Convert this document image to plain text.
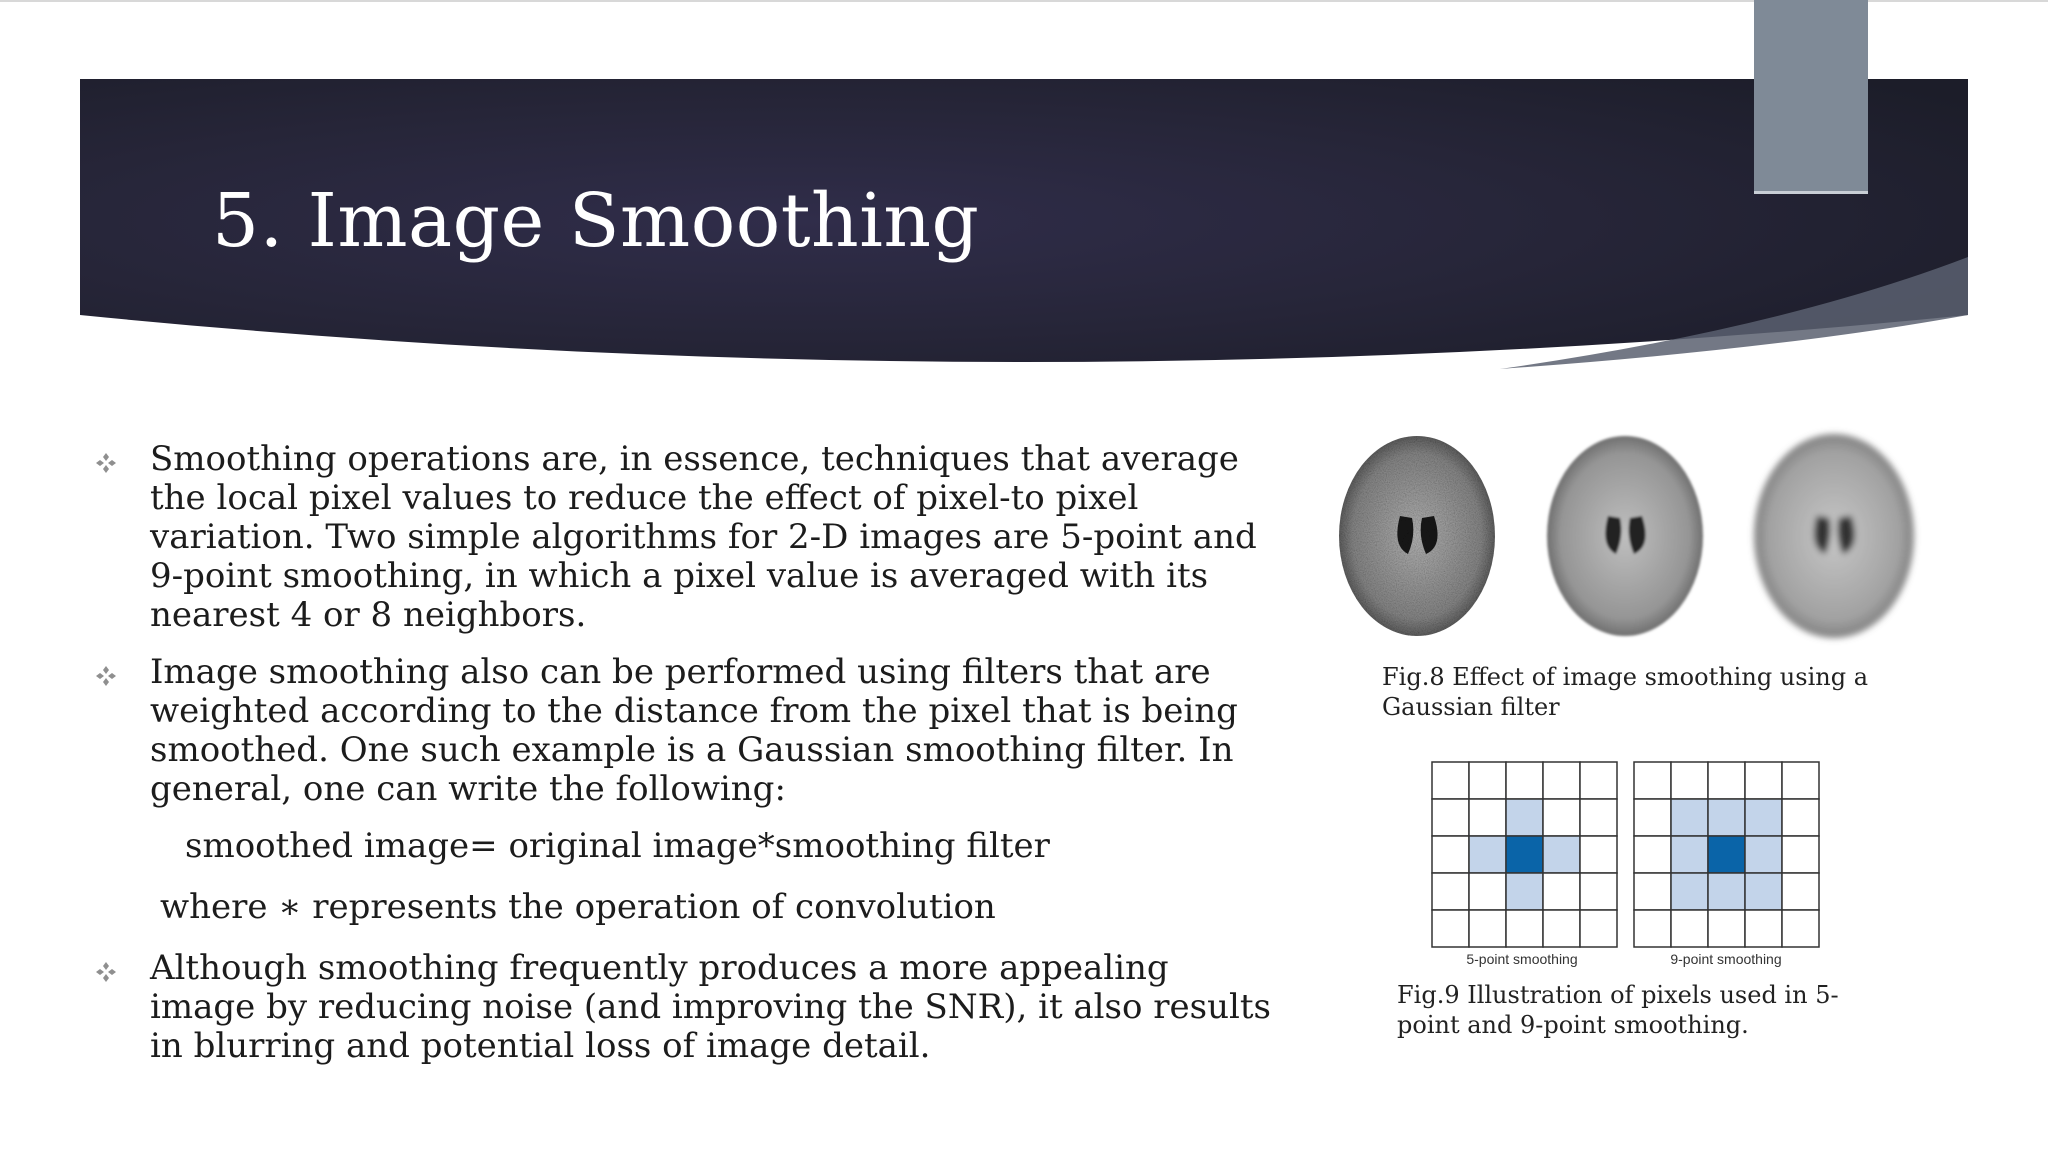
5. Image Smoothing
Smoothing operations are, in essence, techniques that average
the local pixel values to reduce the effect of pixel-to pixel
variation. Two simple algorithms for 2-D images are 5-point and
9-point smoothing, in which a pixel value is averaged with its
nearest 4 or 8 neighbors.
Image smoothing also can be performed using filters that are
weighted according to the distance from the pixel that is being
smoothed. One such example is a Gaussian smoothing filter. In
general, one can write the following:
smoothed image= original image*smoothing filter
where ∗ represents the operation of convolution
Although smoothing frequently produces a more appealing
image by reducing noise (and improving the SNR), it also results
in blurring and potential loss of image detail.
Fig.8 Effect of image smoothing using a
Gaussian filter
5-point smoothing	9-point smoothing
Fig.9 Illustration of pixels used in 5-
point and 9-point smoothing.
